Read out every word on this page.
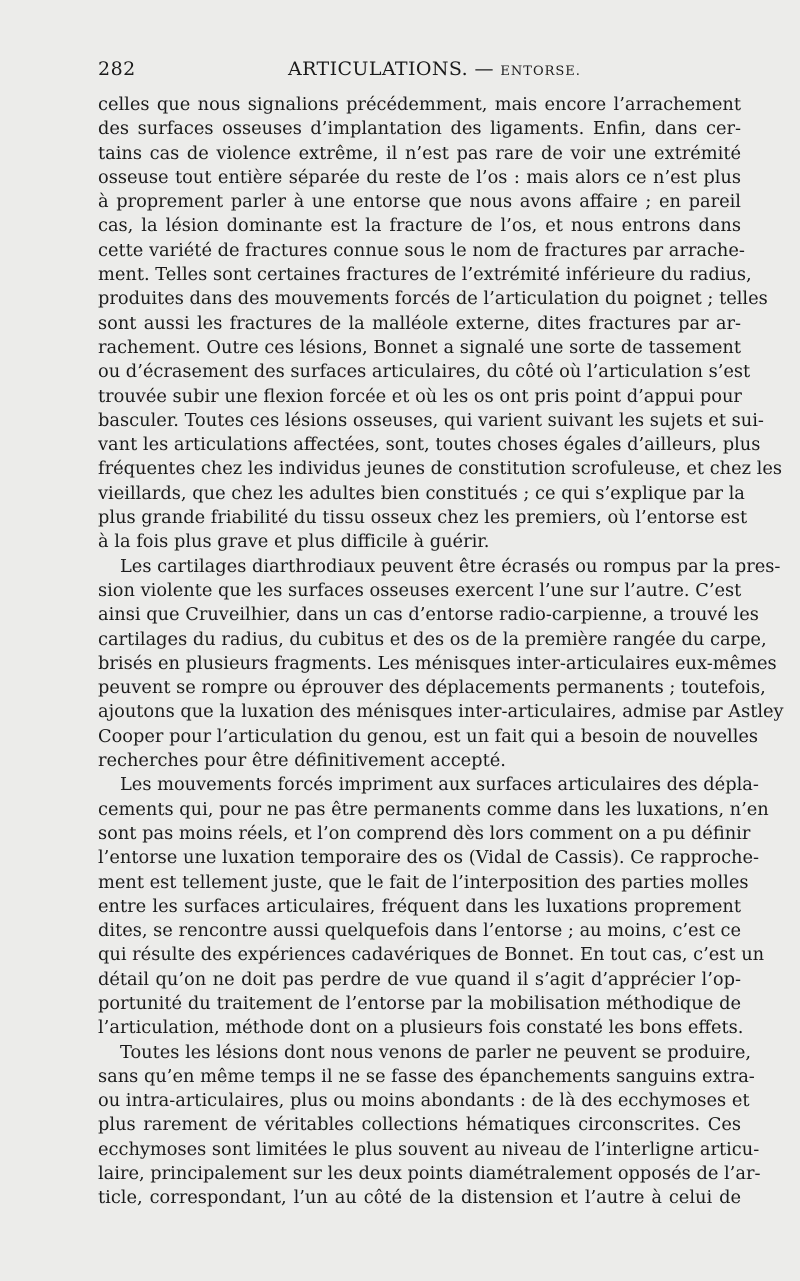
282	ARTICULATIONS. — ENTORSE.
celles que nous signalions précédemment, mais encore l’arrachement
des surfaces osseuses d’implantation des ligaments. Enfin, dans cer-
tains cas de violence extrême, il n’est pas rare de voir une extrémité
osseuse tout entière séparée du reste de l’os : mais alors ce n’est plus
à proprement parler à une entorse que nous avons affaire ; en pareil
cas, la lésion dominante est la fracture de l’os, et nous entrons dans
cette variété de fractures connue sous le nom de fractures par arrache-
ment. Telles sont certaines fractures de l’extrémité inférieure du radius,
produites dans des mouvements forcés de l’articulation du poignet ; telles
sont aussi les fractures de la malléole externe, dites fractures par ar-
rachement. Outre ces lésions, Bonnet a signalé une sorte de tassement
ou d’écrasement des surfaces articulaires, du côté où l’articulation s’est
trouvée subir une flexion forcée et où les os ont pris point d’appui pour
basculer. Toutes ces lésions osseuses, qui varient suivant les sujets et sui-
vant les articulations affectées, sont, toutes choses égales d’ailleurs, plus
fréquentes chez les individus jeunes de constitution scrofuleuse, et chez les
vieillards, que chez les adultes bien constitués ; ce qui s’explique par la
plus grande friabilité du tissu osseux chez les premiers, où l’entorse est
à la fois plus grave et plus difficile à guérir.
Les cartilages diarthrodiaux peuvent être écrasés ou rompus par la pres-
sion violente que les surfaces osseuses exercent l’une sur l’autre. C’est
ainsi que Cruveilhier, dans un cas d’entorse radio-carpienne, a trouvé les
cartilages du radius, du cubitus et des os de la première rangée du carpe,
brisés en plusieurs fragments. Les ménisques inter-articulaires eux-mêmes
peuvent se rompre ou éprouver des déplacements permanents ; toutefois,
ajoutons que la luxation des ménisques inter-articulaires, admise par Astley
Cooper pour l’articulation du genou, est un fait qui a besoin de nouvelles
recherches pour être définitivement accepté.
Les mouvements forcés impriment aux surfaces articulaires des dépla-
cements qui, pour ne pas être permanents comme dans les luxations, n’en
sont pas moins réels, et l’on comprend dès lors comment on a pu définir
l’entorse une luxation temporaire des os (Vidal de Cassis). Ce rapproche-
ment est tellement juste, que le fait de l’interposition des parties molles
entre les surfaces articulaires, fréquent dans les luxations proprement
dites, se rencontre aussi quelquefois dans l’entorse ; au moins, c’est ce
qui résulte des expériences cadavériques de Bonnet. En tout cas, c’est un
détail qu’on ne doit pas perdre de vue quand il s’agit d’apprécier l’op-
portunité du traitement de l’entorse par la mobilisation méthodique de
l’articulation, méthode dont on a plusieurs fois constaté les bons effets.
Toutes les lésions dont nous venons de parler ne peuvent se produire,
sans qu’en même temps il ne se fasse des épanchements sanguins extra-
ou intra-articulaires, plus ou moins abondants : de là des ecchymoses et
plus rarement de véritables collections hématiques circonscrites. Ces
ecchymoses sont limitées le plus souvent au niveau de l’interligne articu-
laire, principalement sur les deux points diamétralement opposés de l’ar-
ticle, correspondant, l’un au côté de la distension et l’autre à celui de
